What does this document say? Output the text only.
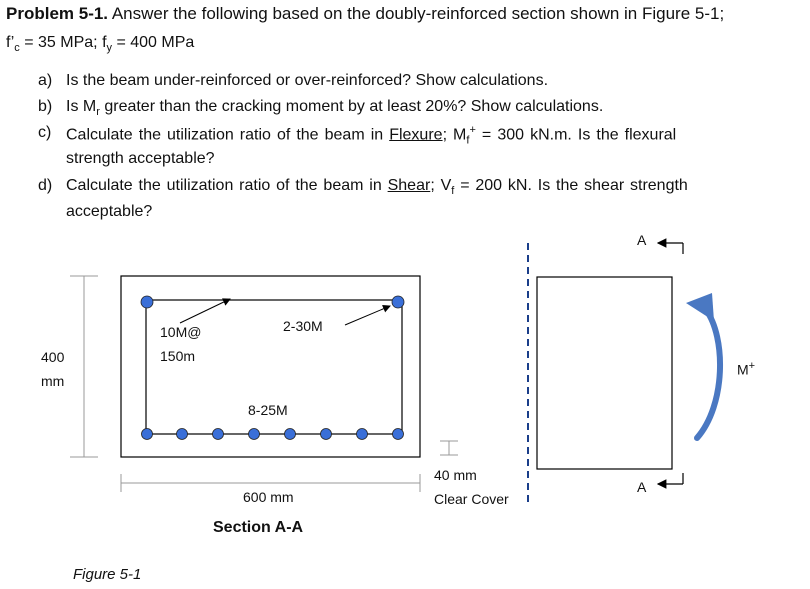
Problem 5-1. Answer the following based on the doubly-reinforced section shown in Figure 5-1;
$f’_c = 35$ MPa; $f_y = 400$ MPa
a) Is the beam under-reinforced or over-reinforced? Show calculations.
b) Is $M_r$ greater than the cracking moment by at least 20%? Show calculations.
c) Calculate the utilization ratio of the beam in Flexure; $M_f^+ = 300$ kN.m. Is the flexural
strength acceptable?
d) Calculate the utilization ratio of the beam in Shear; $V_f = 200$ kN. Is the shear strength
acceptable?
400
mm
10M@
150m
2-30M
8-25M
600 mm
40 mm
Clear Cover
Section A-A
A
A
M+
Figure 5-1
